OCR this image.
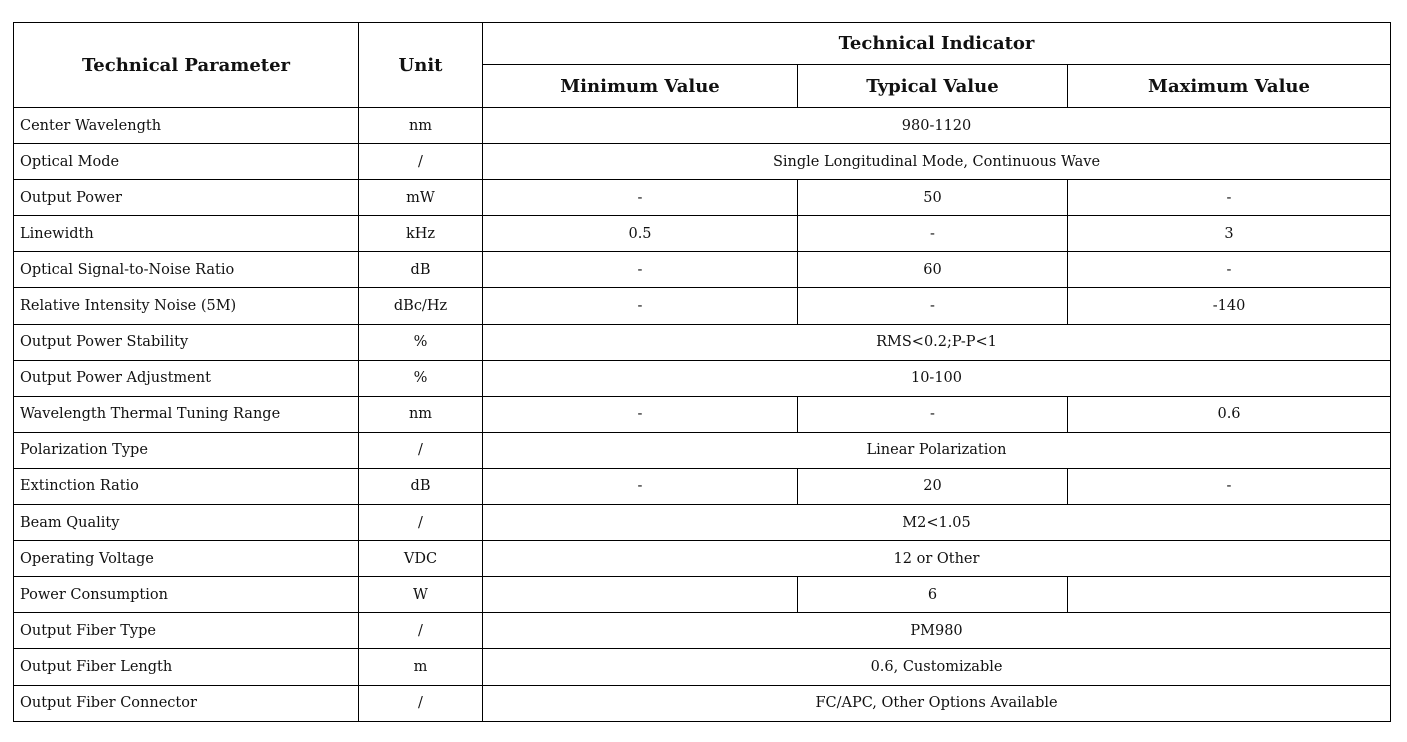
Technical Parameter	Unit	Technical Indicator		
		Minimum Value	Typical Value	Maximum Value
Center Wavelength	nm	980-1120		
Optical Mode	/	Single Longitudinal Mode, Continuous Wave		
Output Power	mW	-	50	-
Linewidth	kHz	0.5	-	3
Optical Signal-to-Noise Ratio	dB	-	60	-
Relative Intensity Noise (5M)	dBc/Hz	-	-	-140
Output Power Stability	%	RMS<0.2;P-P<1		
Output Power Adjustment	%	10-100		
Wavelength Thermal Tuning Range	nm	-	-	0.6
Polarization Type	/	Linear Polarization		
Extinction Ratio	dB	-	20	-
Beam Quality	/	M2<1.05		
Operating Voltage	VDC	12 or Other		
Power Consumption	W		6	
Output Fiber Type	/	PM980		
Output Fiber Length	m	0.6, Customizable		
Output Fiber Connector	/	FC/APC, Other Options Available		
